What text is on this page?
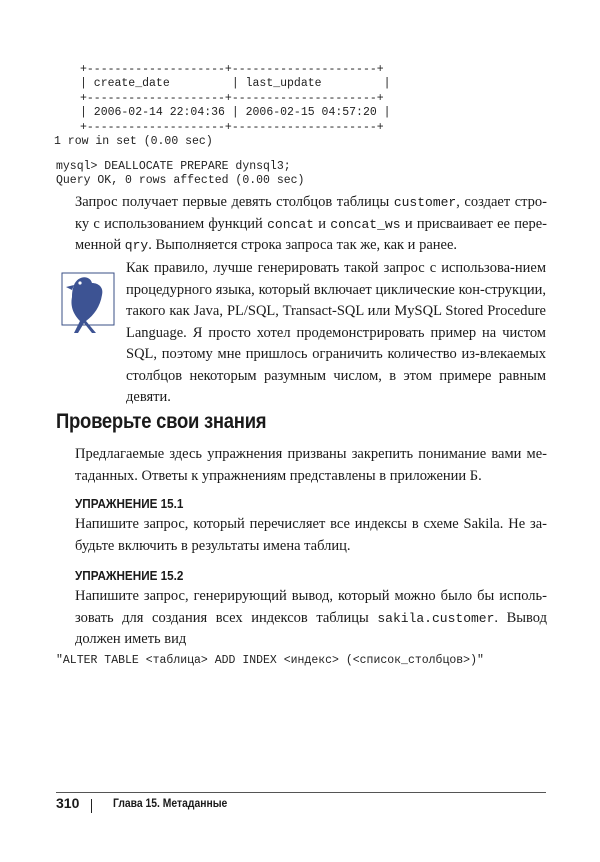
+--------------------+---------------------+
| create_date         | last_update         |
+--------------------+---------------------+
| 2006-02-14 22:04:36 | 2006-02-15 04:57:20 |
+--------------------+---------------------+
1 row in set (0.00 sec)
mysql> DEALLOCATE PREPARE dynsql3;
Query OK, 0 rows affected (0.00 sec)

Запрос получает первые девять столбцов таблицы customer, создает стро-ку с использованием функций concat и concat_ws и присваивает ее пере-менной qry. Выполняется строка запроса так же, как и ранее.
Как правило, лучше генерировать такой запрос с использова-нием процедурного языка, который включает циклические кон-струкции, такого как Java, PL/SQL, Transact-SQL или MySQL Stored Procedure Language. Я просто хотел продемонстрировать пример на чистом SQL, поэтому мне пришлось ограничить количество из-влекаемых столбцов некоторым разумным числом, в этом примере равным девяти.
Проверьте свои знания
Предлагаемые здесь упражнения призваны закрепить понимание вами ме-таданных. Ответы к упражнениям представлены в приложении Б.
УПРАЖНЕНИЕ 15.1
Напишите запрос, который перечисляет все индексы в схеме Sakila. Не за-будьте включить в результаты имена таблиц.
УПРАЖНЕНИЕ 15.2
Напишите запрос, генерирующий вывод, который можно было бы исполь-зовать для создания всех индексов таблицы sakila.customer. Вывод должен иметь вид
"ALTER TABLE <таблица> ADD INDEX <индекс> (<список_столбцов>)"
310	Глава 15. Метаданные
